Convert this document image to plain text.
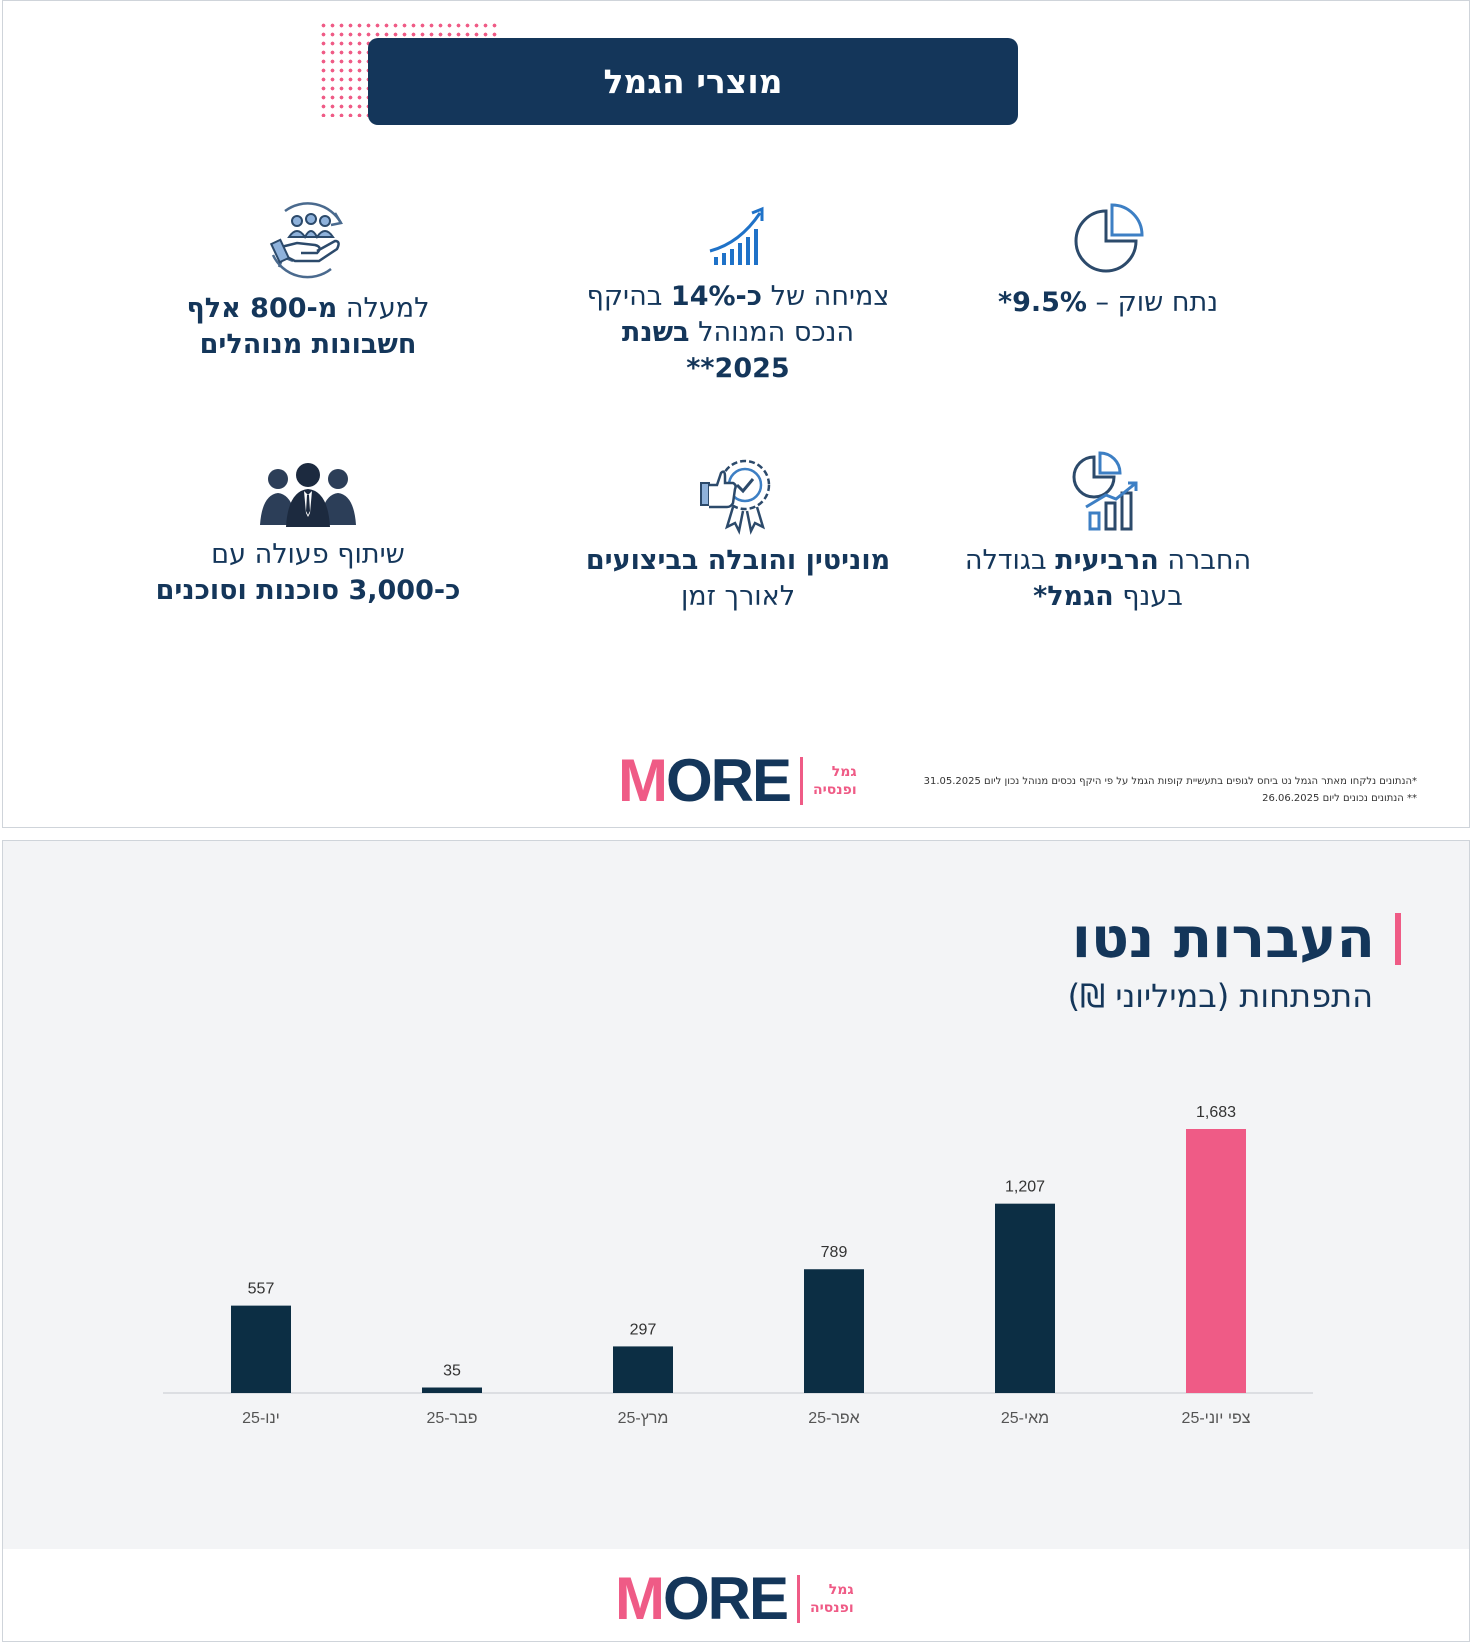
מוצרי הגמל
נתח שוק – 9.5%*
צמיחה של כ-14% בהיקף
הנכס המנוהל בשנת
2025**
למעלה מ-800 אלף
חשבונות מנוהלים
החברה הרביעית בגודלה
בענף הגמל*
מוניטין והובלה בביצועים
לאורך זמן
שיתוף פעולה עם
כ-3,000 סוכנות וסוכנים
MORE	גמל
ופנסיה
*הנתונים נלקחו מאתר הגמל נט ביחס לגופים בתעשיית קופות הגמל על פי היקף נכסים מנוהל נכון ליום 31.05.2025
** הנתונים נכונים ליום 26.06.2025
העברות נטו
התפתחות (במיליוני ₪)
557
ינו-25
35
פבר-25
297
מרץ-25
789
אפר-25
1,207
מאי-25
1,683
צפי יוני-25
MORE	גמל
ופנסיה
